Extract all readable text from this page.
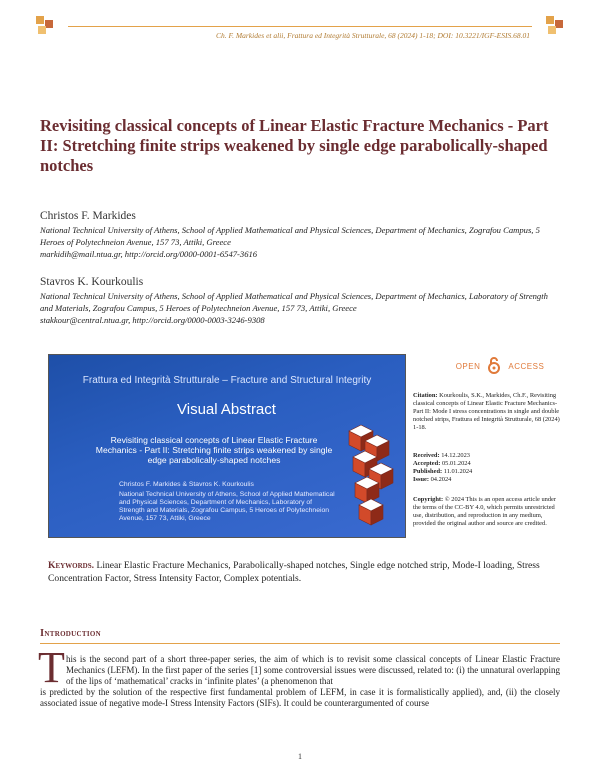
Ch. F. Markides et alii, Frattura ed Integrità Strutturale, 68 (2024) 1-18; DOI: 10.3221/IGF-ESIS.68.01
Revisiting classical concepts of Linear Elastic Fracture Mechanics - Part II: Stretching finite strips weakened by single edge parabolically-shaped notches
Christos F. Markides
National Technical University of Athens, School of Applied Mathematical and Physical Sciences, Department of Mechanics, Zografou Campus, 5 Heroes of Polytechneion Avenue, 157 73, Attiki, Greece
markidih@mail.ntua.gr, http://orcid.org/0000-0001-6547-3616
Stavros K. Kourkoulis
National Technical University of Athens, School of Applied Mathematical and Physical Sciences, Department of Mechanics, Laboratory of Strength and Materials, Zografou Campus, 5 Heroes of Polytechneion Avenue, 157 73, Attiki, Greece
stakkour@central.ntua.gr, http://orcid.org/0000-0003-3246-9308
Frattura ed Integrità Strutturale – Fracture and Structural Integrity
Visual Abstract
Revisiting classical concepts of Linear Elastic Fracture Mechanics - Part II: Stretching finite strips weakened by single edge parabolically-shaped notches
Christos F. Markides & Stavros K. Kourkoulis
National Technical University of Athens, School of Applied Mathematical and Physical Sciences, Department of Mechanics, Laboratory of Strength and Materials, Zografou Campus, 5 Heroes of Polytechneion Avenue, 157 73, Attiki, Greece
OPEN	ACCESS
Citation: Kourkoulis, S.K., Markides, Ch.F., Revisiting classical concepts of Linear Elastic Fracture Mechanics-Part II: Mode I stress concentrations in single and double notched strips, Frattura ed Integrità Strutturale, 68 (2024) 1-18.
Received: 14.12.2023
Accepted: 05.01.2024
Published: 11.01.2024
Issue: 04.2024
Copyright: © 2024 This is an open access article under the terms of the CC-BY 4.0, which permits unrestricted use, distribution, and reproduction in any medium, provided the original author and source are credited.
Keywords. Linear Elastic Fracture Mechanics, Parabolically-shaped notches, Single edge notched strip, Mode-I loading, Stress Concentration Factor, Stress Intensity Factor, Complex potentials.
Introduction
T his is the second part of a short three-paper series, the aim of which is to revisit some classical concepts of Linear Elastic Fracture Mechanics (LEFM). In the first paper of the series [1] some controversial issues were discussed, related to: (i) the unnatural overlapping of the lips of ‘mathematical’ cracks in ‘infinite plates’ (a phenomenon that
is predicted by the solution of the respective first fundamental problem of LEFM, in case it is formalistically applied), and, (ii) the closely associated issue of negative mode-I Stress Intensity Factors (SIFs). It could be counterargumented of course
1
